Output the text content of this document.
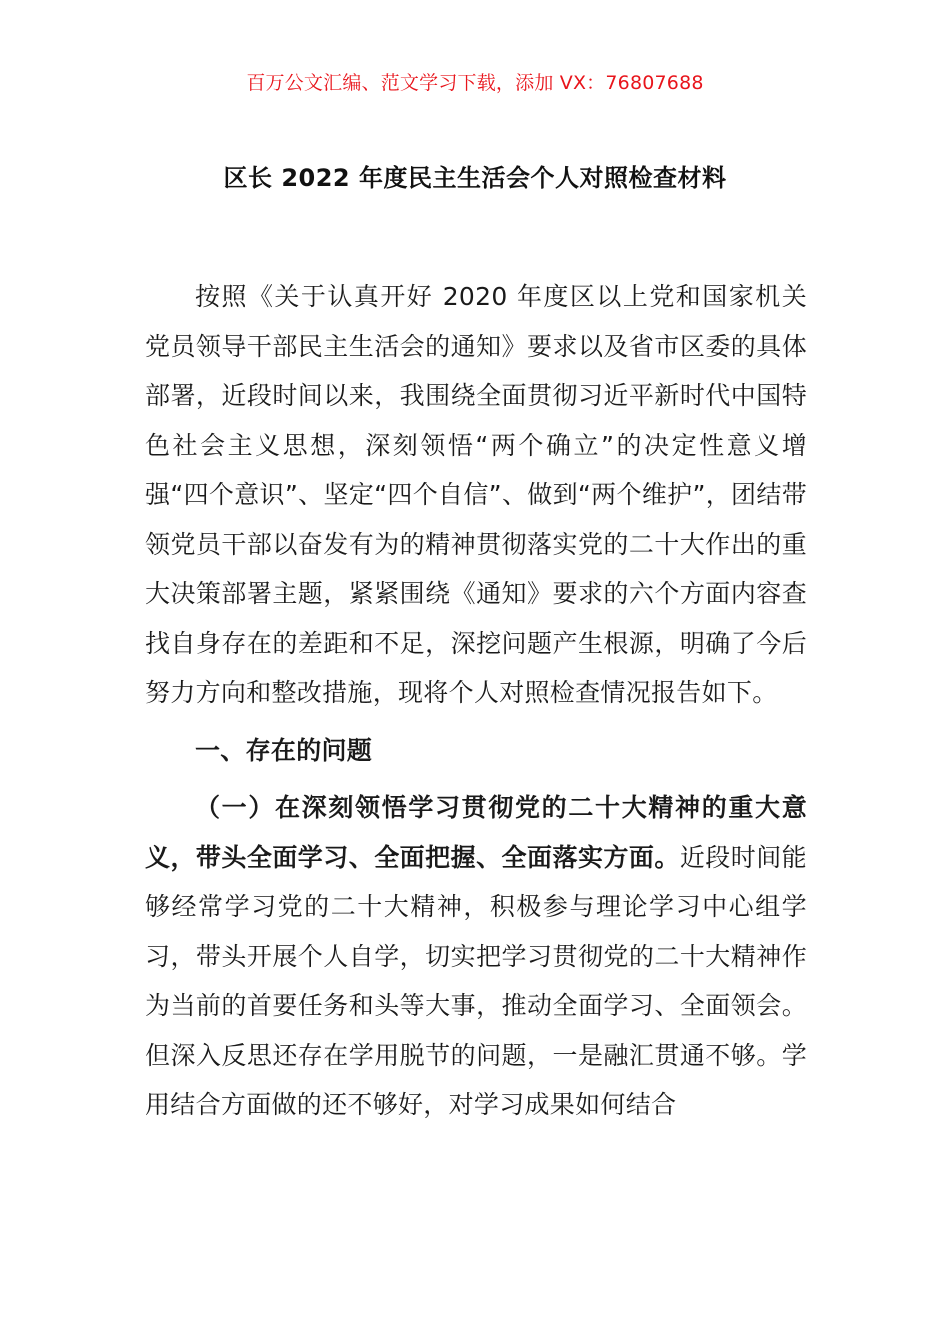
百万公文汇编、范文学习下载，添加 VX：76807688
区长 2022 年度民主生活会个人对照检查材料

按照《关于认真开好 2020 年度区以上党和国家机关党员领导干部民主生活会的通知》要求以及省市区委的具体部署，近段时间以来，我围绕全面贯彻习近平新时代中国特色社会主义思想，深刻领悟“两个确立”的决定性意义增强“四个意识”、坚定“四个自信”、做到“两个维护”，团结带领党员干部以奋发有为的精神贯彻落实党的二十大作出的重大决策部署主题，紧紧围绕《通知》要求的六个方面内容查找自身存在的差距和不足，深挖问题产生根源，明确了今后努力方向和整改措施，现将个人对照检查情况报告如下。

一、存在的问题

（一）在深刻领悟学习贯彻党的二十大精神的重大意义，带头全面学习、全面把握、全面落实方面。近段时间能够经常学习党的二十大精神，积极参与理论学习中心组学习，带头开展个人自学，切实把学习贯彻党的二十大精神作为当前的首要任务和头等大事，推动全面学习、全面领会。但深入反思还存在学用脱节的问题，一是融汇贯通不够。学用结合方面做的还不够好，对学习成果如何结合
